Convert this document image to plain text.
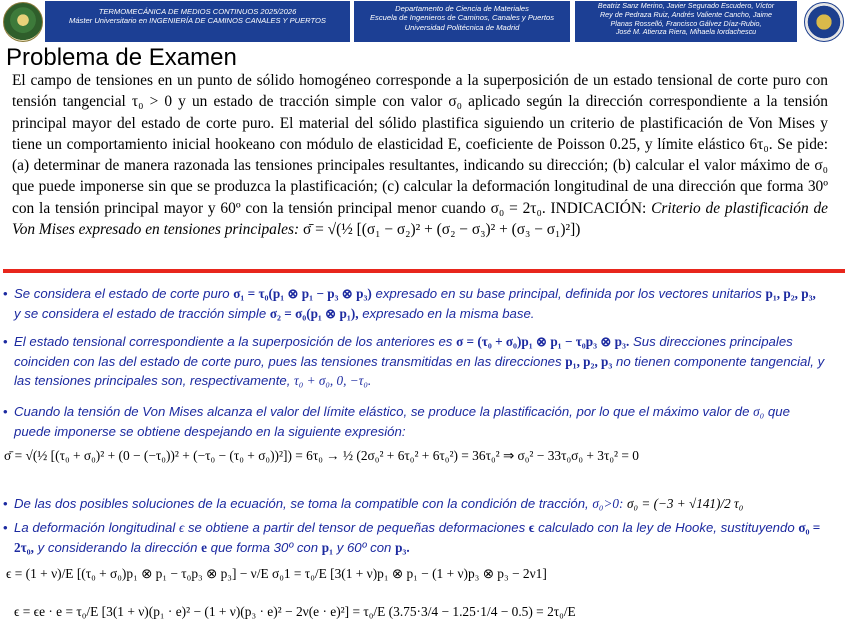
TERMOMECÁNICA DE MEDIOS CONTINUOS 2025/2026
Máster Universitario en INGENIERÍA DE CAMINOS CANALES Y PUERTOS
Departamento de Ciencia de Materiales
Escuela de Ingenieros de Caminos, Canales y Puertos
Universidad Politécnica de Madrid
Beatriz Sanz Merino, Javier Segurado Escudero, Víctor
Rey de Pedraza Ruiz, Andrés Valiente Cancho, Jaime
Planas Rosselló, Francisco Gálvez Díaz-Rubio,
José M. Atienza Riera, Mihaela Iordachescu
Problema de Examen
El campo de tensiones en un punto de sólido homogéneo corresponde a la superposición de un estado tensional de corte puro con tensión tangencial τ₀ > 0 y un estado de tracción simple con valor σ₀ aplicado según la dirección correspondiente a la tensión principal mayor del estado de corte puro. El material del sólido plastifica siguiendo un criterio de plastificación de Von Mises y tiene un comportamiento inicial hookeano con módulo de elasticidad E, coeficiente de Poisson 0.25, y límite elástico 6τ₀. Se pide: (a) determinar de manera razonada las tensiones principales resultantes, indicando su dirección; (b) calcular el valor máximo de σ₀ que puede imponerse sin que se produzca la plastificación; (c) calcular la deformación longitudinal de una dirección que forma 30º con la tensión principal mayor y 60º con la tensión principal menor cuando σ₀ = 2τ₀. INDICACIÓN: Criterio de plastificación de Von Mises expresado en tensiones principales: σ̄ = √(½ [(σ₁ − σ₂)² + (σ₂ − σ₃)² + (σ₃ − σ₁)²])
• Se considera el estado de corte puro σ₁ = τ₀(p₁ ⊗ p₁ − p₃ ⊗ p₃) expresado en su base principal, definida por los vectores unitarios p₁, p₂, p₃, y se considera el estado de tracción simple σ₂ = σ₀(p₁ ⊗ p₁), expresado en la misma base.
• El estado tensional correspondiente a la superposición de los anteriores es σ = (τ₀ + σ₀)p₁ ⊗ p₁ − τ₀p₃ ⊗ p₃. Sus direcciones principales coinciden con las del estado de corte puro, pues las tensiones transmitidas en las direcciones p₁, p₂, p₃ no tienen componente tangencial, y las tensiones principales son, respectivamente, τ₀ + σ₀, 0, −τ₀.
• Cuando la tensión de Von Mises alcanza el valor del límite elástico, se produce la plastificación, por lo que el máximo valor de σ₀ que puede imponerse se obtiene despejando en la siguiente expresión:
σ̄ = √(½ [(τ₀ + σ₀)² + (0 − (−τ₀))² + (−τ₀ − (τ₀ + σ₀))²]) = 6τ₀ → ½ (2σ₀² + 6τ₀² + 6τ₀²) = 36τ₀² ⇒ σ₀² − 33τ₀σ₀ + 3τ₀² = 0
• De las dos posibles soluciones de la ecuación, se toma la compatible con la condición de tracción, σ₀>0: σ₀ = (−3 + √141)/2 τ₀
• La deformación longitudinal ϵ se obtiene a partir del tensor de pequeñas deformaciones ϵ calculado con la ley de Hooke, sustituyendo σ₀ = 2τ₀, y considerando la dirección e que forma 30º con p₁ y 60º con p₃.
ϵ = (1 + ν)/E [(τ₀ + σ₀)p₁ ⊗ p₁ − τ₀p₃ ⊗ p₃] − ν/E σ₀1 = τ₀/E [3(1 + ν)p₁ ⊗ p₁ − (1 + ν)p₃ ⊗ p₃ − 2ν1]
ϵ = ϵe · e = τ₀/E [3(1 + ν)(p₁ · e)² − (1 + ν)(p₃ · e)² − 2ν(e · e)²] = τ₀/E (3.75·3/4 − 1.25·1/4 − 0.5) = 2τ₀/E
